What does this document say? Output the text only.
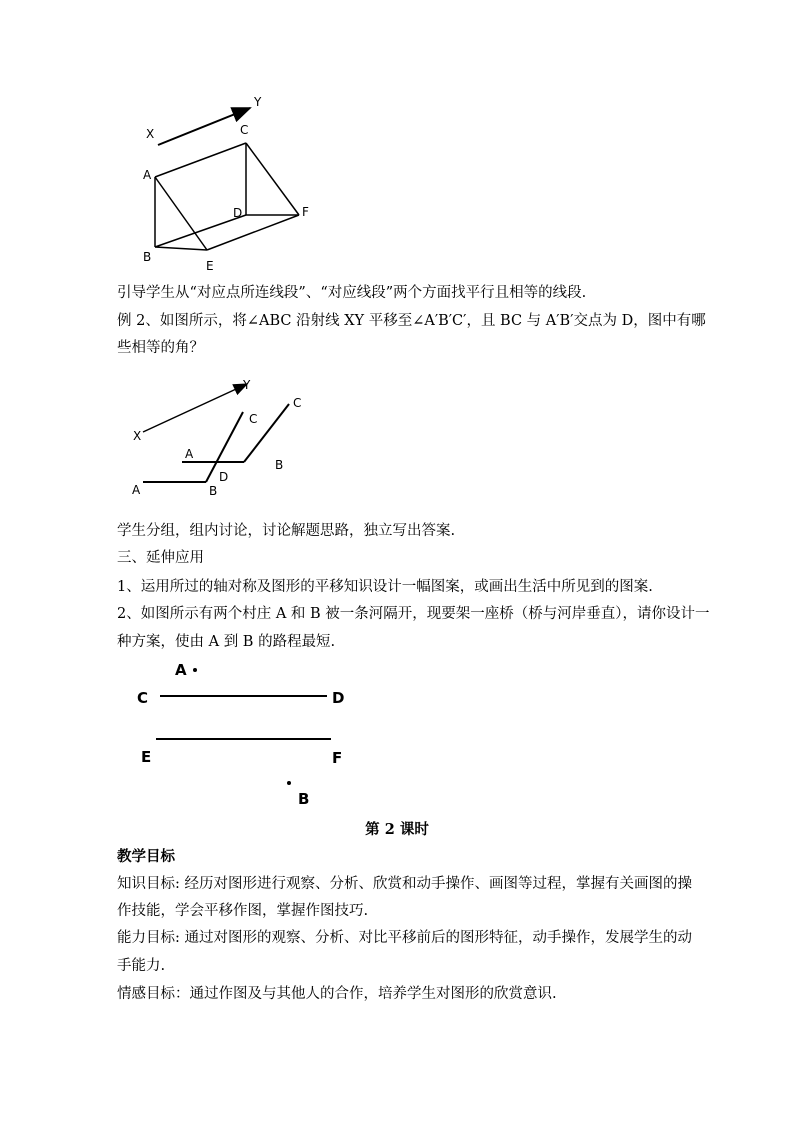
X
Y
A
B
C
D
E
F
引导学生从“对应点所连线段”、“对应线段”两个方面找平行且相等的线段.
例 2、如图所示，将∠ABC 沿射线 XY 平移至∠A′B′C′，且 BC 与 A′B′交点为 D，图中有哪
些相等的角？
X
Y
A	B
C
A
B
C
D
学生分组，组内讨论，讨论解题思路，独立写出答案.
三、延伸应用
1、运用所过的轴对称及图形的平移知识设计一幅图案，或画出生活中所见到的图案.
2、如图所示有两个村庄 A 和 B 被一条河隔开，现要架一座桥（桥与河岸垂直），请你设计一
种方案，使由 A 到 B 的路程最短.
A
C	D
E	F
B
第 2 课时
教学目标
知识目标: 经历对图形进行观察、分析、欣赏和动手操作、画图等过程，掌握有关画图的操
作技能，学会平移作图，掌握作图技巧.
能力目标: 通过对图形的观察、分析、对比平移前后的图形特征，动手操作，发展学生的动
手能力.
情感目标：通过作图及与其他人的合作，培养学生对图形的欣赏意识.
